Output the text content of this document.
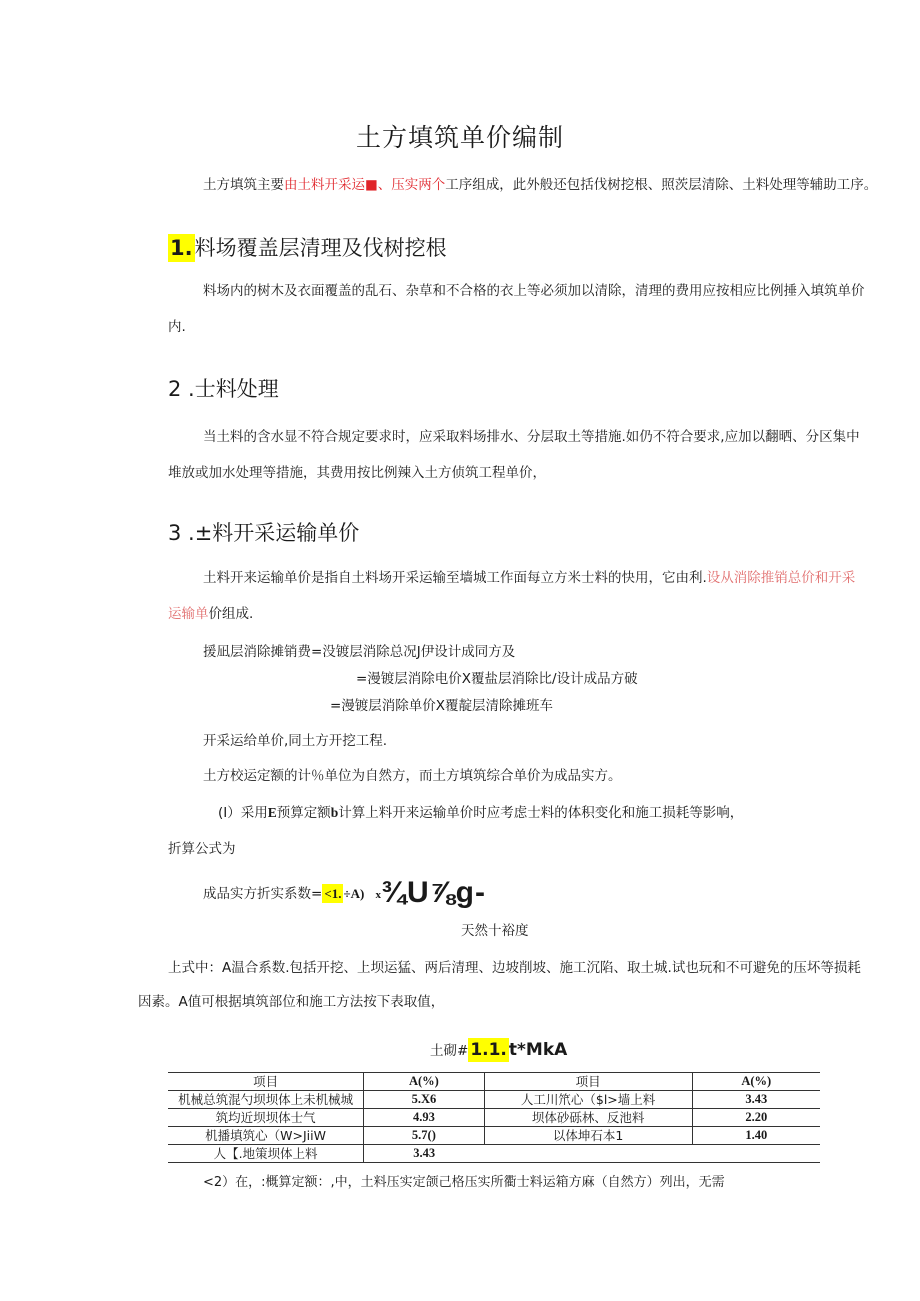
土方填筑单价编制
土方填筑主要由土料开采运■、压实两个工序组成，此外般还包括伐树挖根、照茨层清除、土料处理等辅助工序。
1.料场覆盖层清理及伐树挖根
料场内的树木及衣面覆盖的乱石、杂草和不合格的衣上等必须加以清除，清理的费用应按相应比例捶入填筑单价
内.
2 .士料处理
当土料的含水显不符合规定要求时，应采取料场排水、分层取土等措施.如仍不符合要求,应加以翻晒、分区集中
堆放或加水处理等措施，其费用按比例辣入土方侦筑工程单价，
3 .±料开采运输单价
土料开来运输单价是指自土料场开采运输至墙城工作面每立方米士料的快用，它由利.设从消除推销总价和开采
运输单价组成.
援凪层消除摊销费=没镀层消除总况J伊设计成同方及
=漫镀层消除电价X覆盐层消除比/设计成品方破
=漫镀层消除单价X覆靛层清除摊班车
开采运给单价,同土方开挖工程.
土方校运定额的计％单位为自然方，而土方填筑综合单价为成品实方。
(I）采用E预算定额b计算上料开来运输单价时应考虑士料的体积变化和施工损耗等影响，
折算公式为
成品实方折实系数= <1. ÷A) x¾U⅞g-
天然十裕度
上式中：A温合系数.包括开挖、上坝运猛、两后清理、边坡削坡、施工沉陷、取土城.试也玩和不可避免的压坏等损耗
因素。A值可根据填筑部位和施工方法按下表取值，
土砌# 1.1. t*MkA
项目	A(%)	项目	A(%)
机械总筑混勺坝坝体上未机械城	5.X6	人工川笊心（$l>墙上料	3.43
筑均近坝坝体士气	4.93	坝体砂砾林、反池料	2.20
机播填筑心（W>JiiW	5.7()	以体坤石本1	1.40
人【.地策坝体上料	3.43		
<2）在，:概算定额：,中，土料压实定颌己格压实所衢士料运箱方麻（自然方）列出，无需
